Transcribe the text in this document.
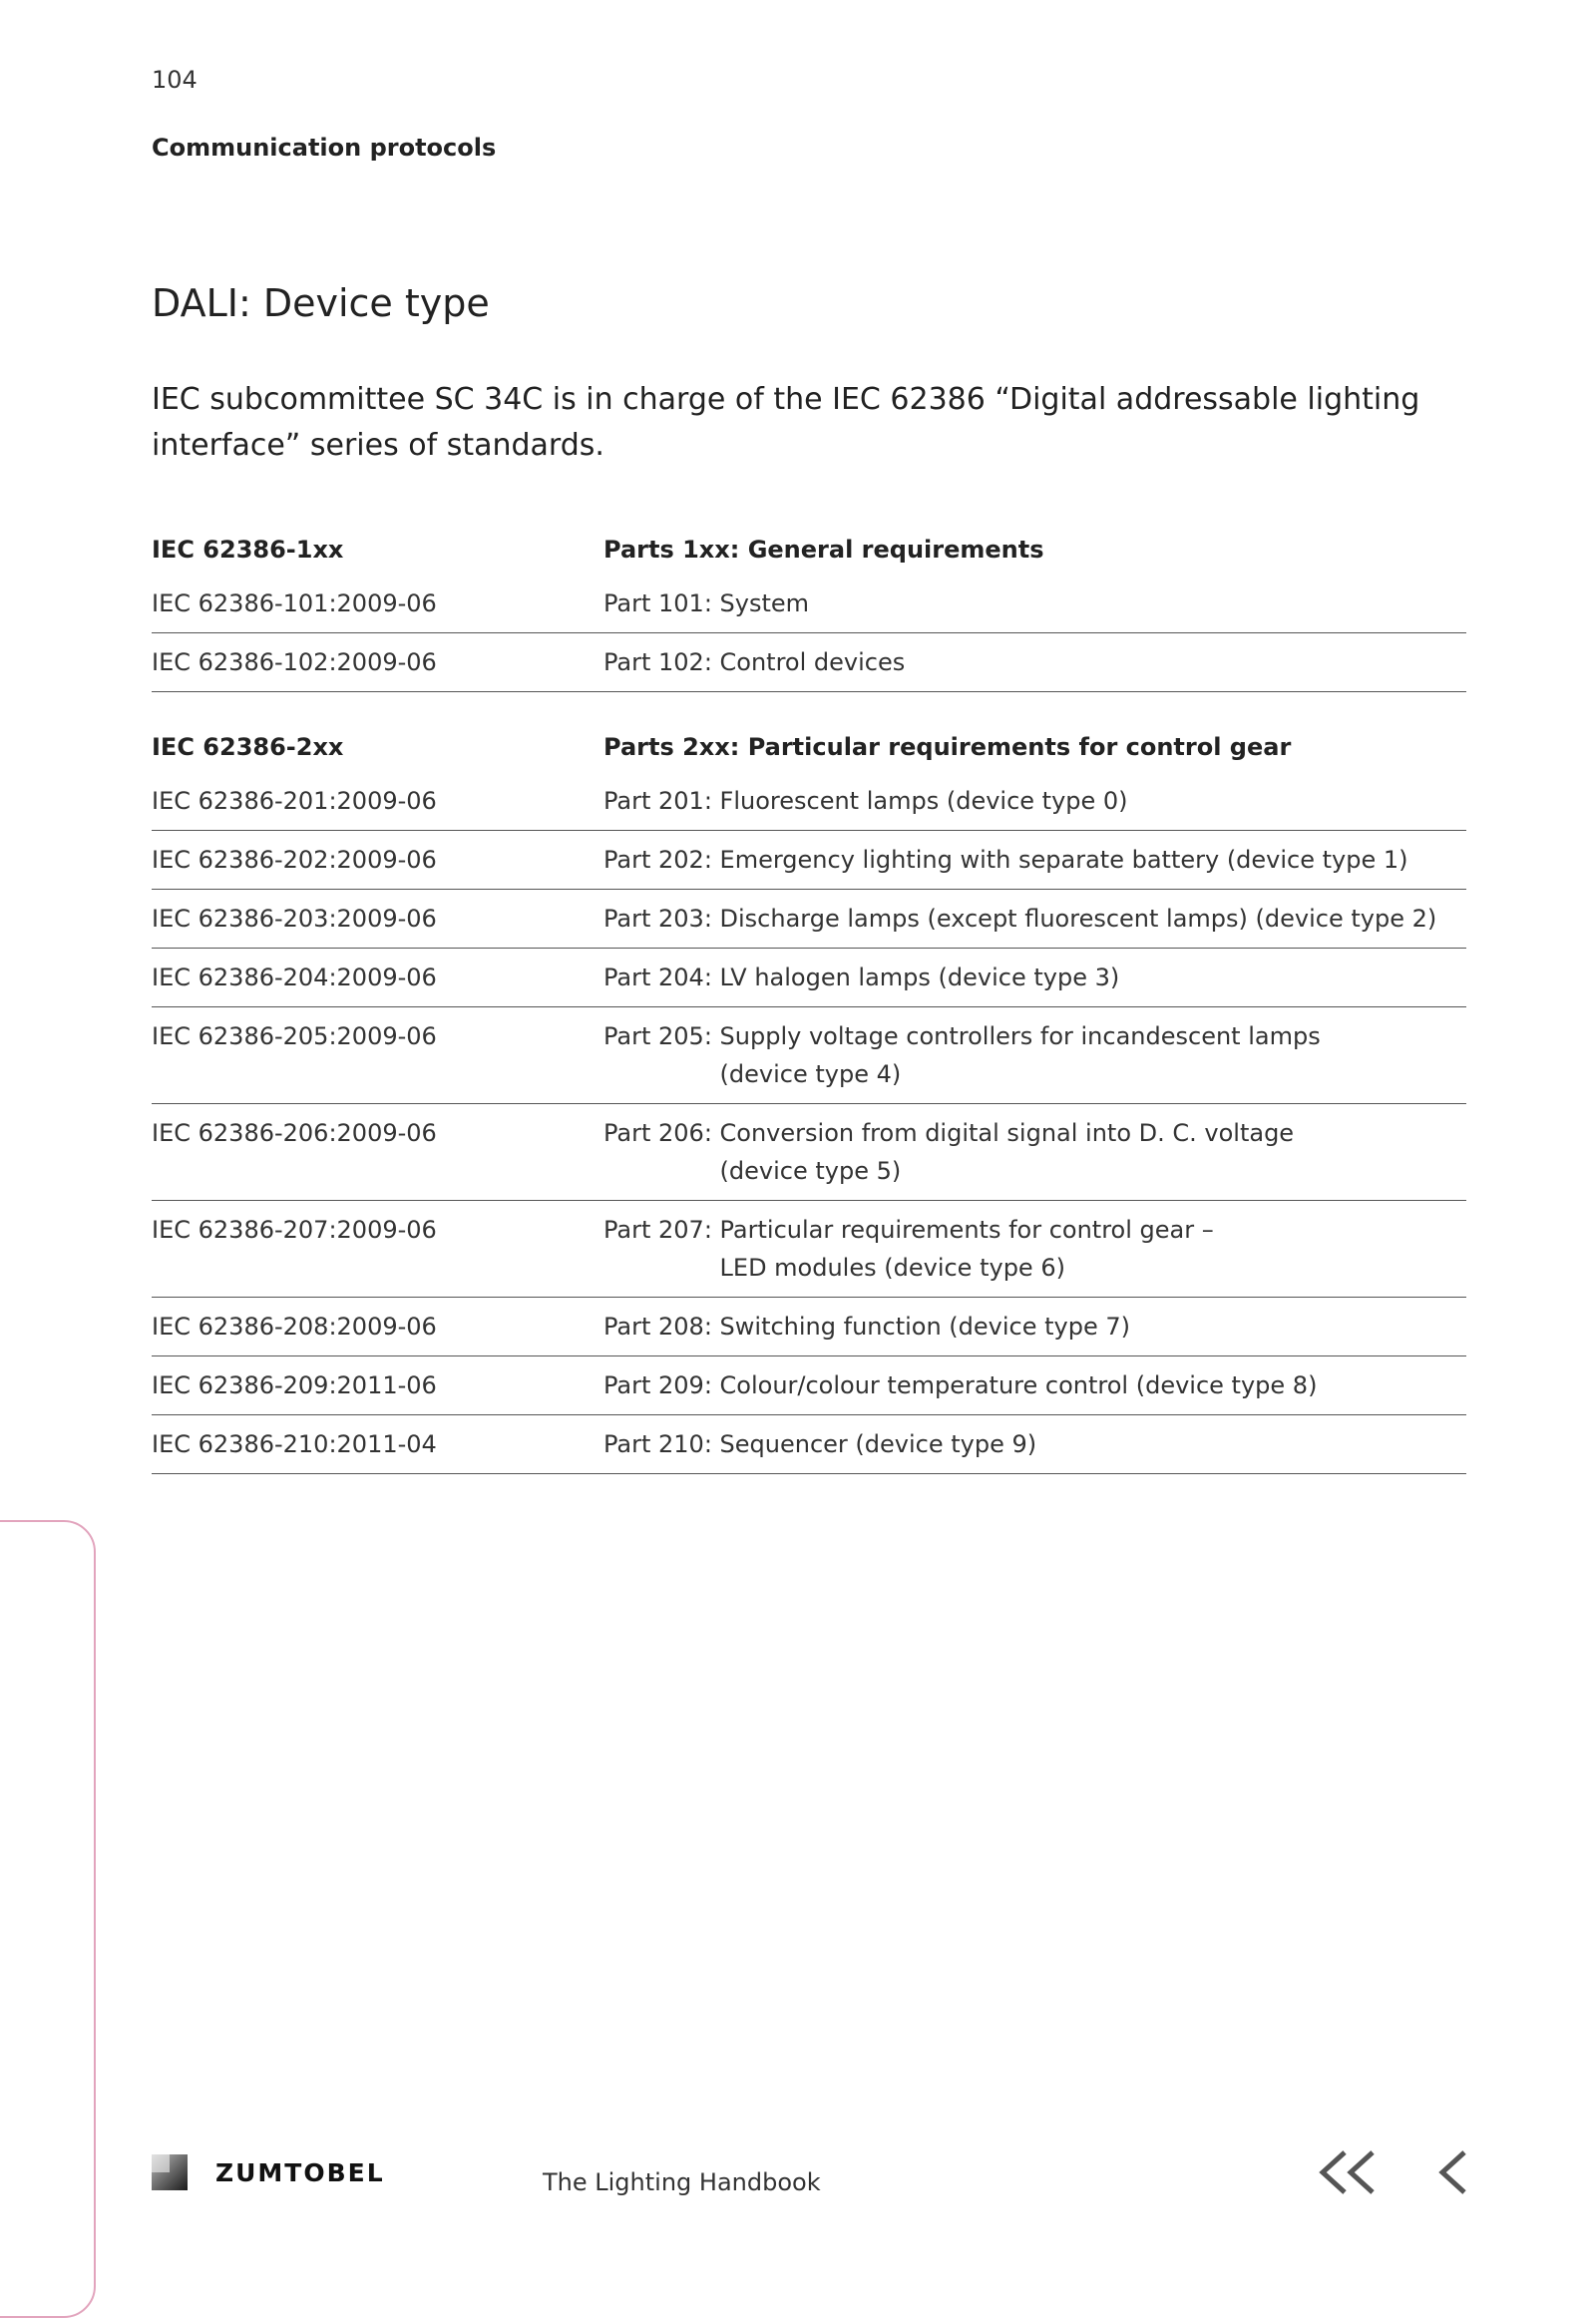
104
Communication protocols
DALI: Device type

IEC subcommittee SC 34C is in charge of the IEC 62386 “Digital addressable lighting interface” series of standards.

IEC 62386-1xx	Parts 1xx: General requirements
IEC 62386-101:2009-06	Part 101: System

IEC 62386-102:2009-06	Part 102: Control devices
IEC 62386-2xx	Parts 2xx: Particular requirements for control gear
IEC 62386-201:2009-06	Part 201: Fluorescent lamps (device type 0)

IEC 62386-202:2009-06	Part 202: Emergency lighting with separate battery (device type 1)

IEC 62386-203:2009-06	Part 203: Discharge lamps (except fluorescent lamps) (device type 2)

IEC 62386-204:2009-06	Part 204: LV halogen lamps (device type 3)

IEC 62386-205:2009-06	Part 205: Supply voltage controllers for incandescent lamps
(device type 4)

IEC 62386-206:2009-06	Part 206: Conversion from digital signal into D. C. voltage
(device type 5)

IEC 62386-207:2009-06	Part 207: Particular requirements for control gear –
LED modules (device type 6)

IEC 62386-208:2009-06	Part 208: Switching function (device type 7)

IEC 62386-209:2011-06	Part 209: Colour/colour temperature control (device type 8)

IEC 62386-210:2011-04	Part 210: Sequencer (device type 9)
ZUMTOBEL	The Lighting Handbook
